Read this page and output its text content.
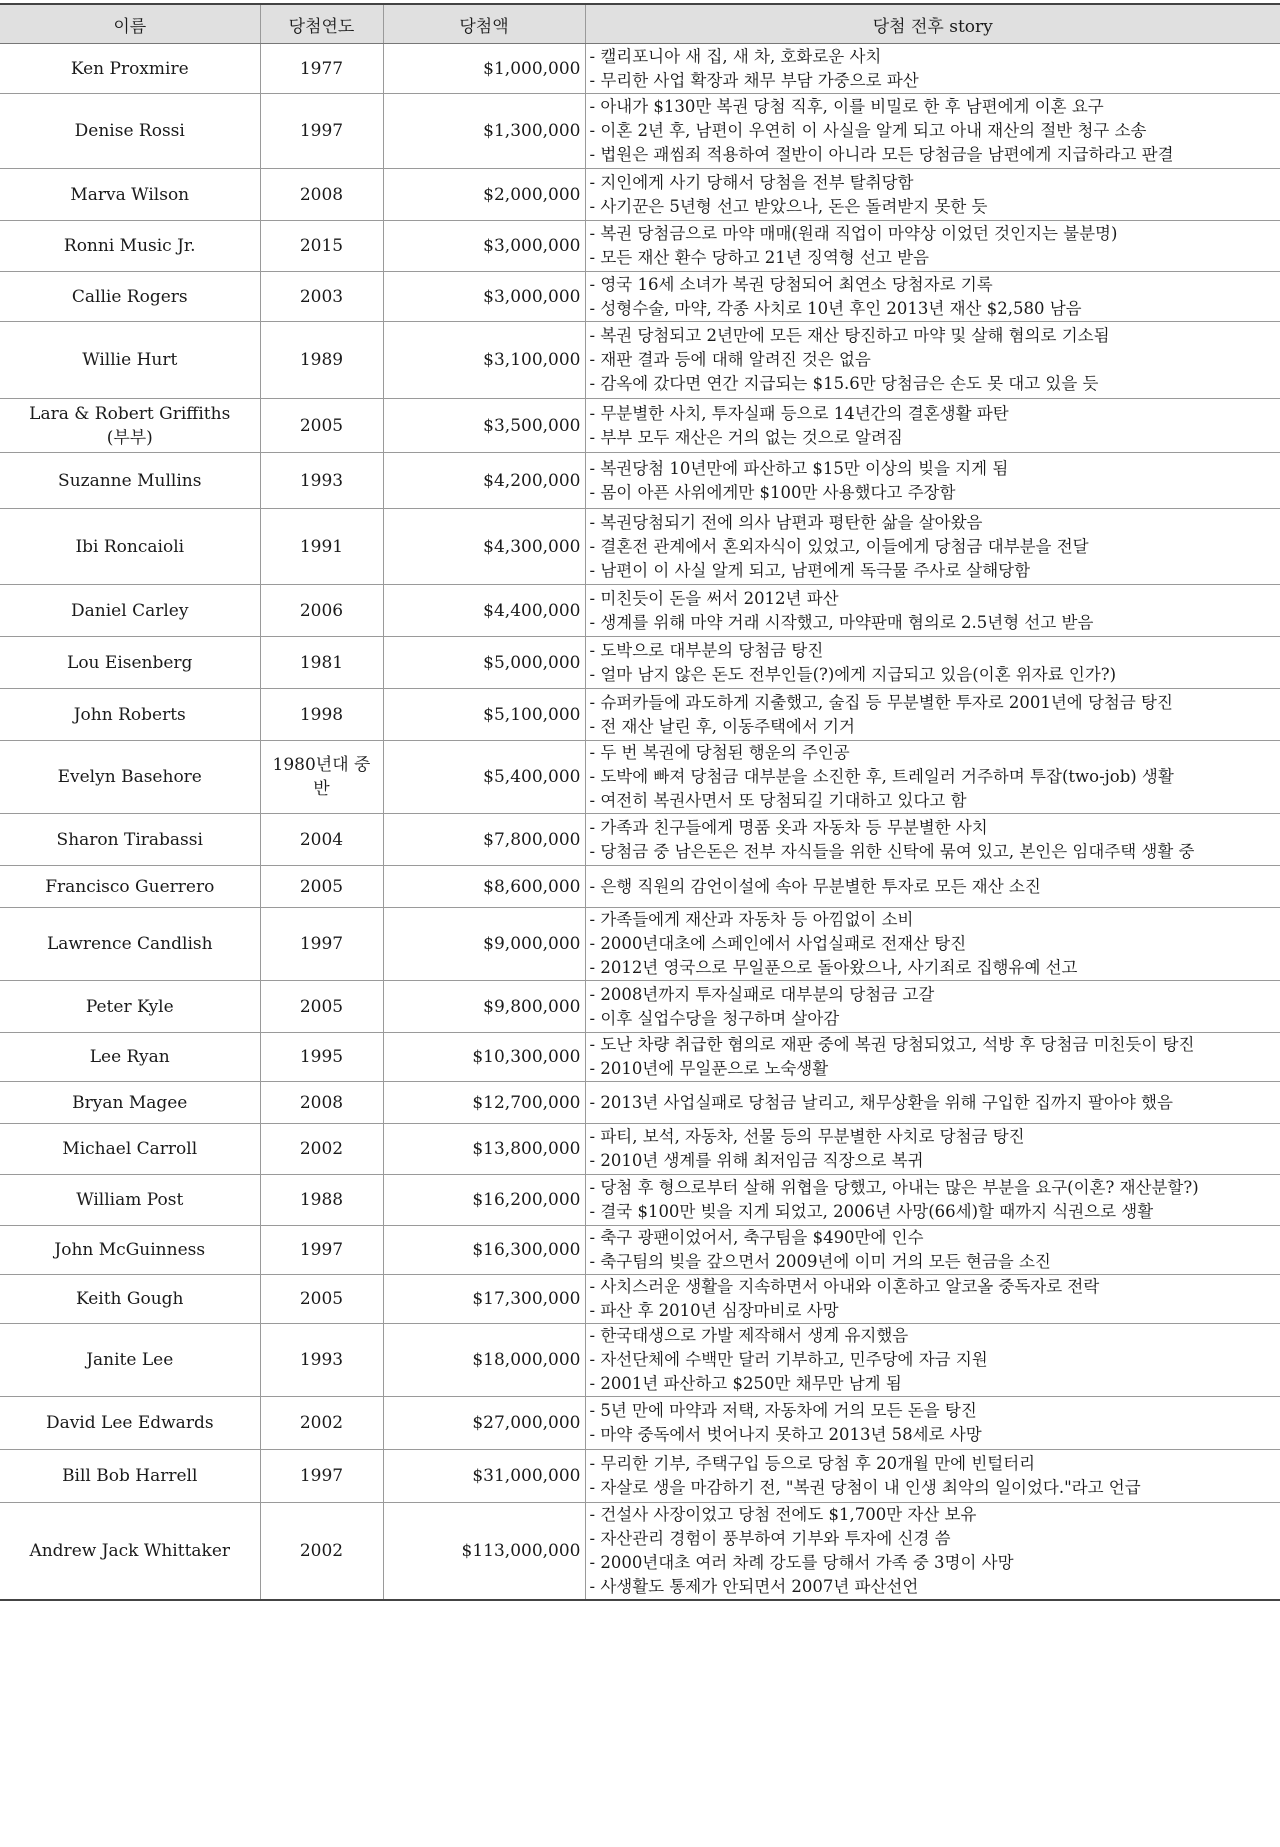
이름	당첨연도	당첨액	당첨 전후 story

Ken Proxmire	1977	$1,000,000	- 캘리포니아 새 집, 새 차, 호화로운 사치
- 무리한 사업 확장과 채무 부담 가중으로 파산

Denise Rossi	1997	$1,300,000	- 아내가 $130만 복권 당첨 직후, 이를 비밀로 한 후 남편에게 이혼 요구
- 이혼 2년 후, 남편이 우연히 이 사실을 알게 되고 아내 재산의 절반 청구 소송
- 법원은 괘씸죄 적용하여 절반이 아니라 모든 당첨금을 남편에게 지급하라고 판결

Marva Wilson	2008	$2,000,000	- 지인에게 사기 당해서 당첨을 전부 탈취당함
- 사기꾼은 5년형 선고 받았으나, 돈은 돌려받지 못한 듯

Ronni Music Jr.	2015	$3,000,000	- 복권 당첨금으로 마약 매매(원래 직업이 마약상 이었던 것인지는 불분명)
- 모든 재산 환수 당하고 21년 징역형 선고 받음

Callie Rogers	2003	$3,000,000	- 영국 16세 소녀가 복권 당첨되어 최연소 당첨자로 기록
- 성형수술, 마약, 각종 사치로 10년 후인 2013년 재산 $2,580 남음

Willie Hurt	1989	$3,100,000	- 복권 당첨되고 2년만에 모든 재산 탕진하고 마약 및 살해 혐의로 기소됨
- 재판 결과 등에 대해 알려진 것은 없음
- 감옥에 갔다면 연간 지급되는 $15.6만 당첨금은 손도 못 대고 있을 듯

Lara & Robert Griffiths
(부부)	2005	$3,500,000	- 무분별한 사치, 투자실패 등으로 14년간의 결혼생활 파탄
- 부부 모두 재산은 거의 없는 것으로 알려짐

Suzanne Mullins	1993	$4,200,000	- 복권당첨 10년만에 파산하고 $15만 이상의 빚을 지게 됨
- 몸이 아픈 사위에게만 $100만 사용했다고 주장함

Ibi Roncaioli	1991	$4,300,000	- 복권당첨되기 전에 의사 남편과 평탄한 삶을 살아왔음
- 결혼전 관계에서 혼외자식이 있었고, 이들에게 당첨금 대부분을 전달
- 남편이 이 사실 알게 되고, 남편에게 독극물 주사로 살해당함

Daniel Carley	2006	$4,400,000	- 미친듯이 돈을 써서 2012년 파산
- 생계를 위해 마약 거래 시작했고, 마약판매 혐의로 2.5년형 선고 받음

Lou Eisenberg	1981	$5,000,000	- 도박으로 대부분의 당첨금 탕진
- 얼마 남지 않은 돈도 전부인들(?)에게 지급되고 있음(이혼 위자료 인가?)

John Roberts	1998	$5,100,000	- 슈퍼카들에 과도하게 지출했고, 술집 등 무분별한 투자로 2001년에 당첨금 탕진
- 전 재산 날린 후, 이동주택에서 기거

Evelyn Basehore	1980년대 중반	$5,400,000	- 두 번 복권에 당첨된 행운의 주인공
- 도박에 빠져 당첨금 대부분을 소진한 후, 트레일러 거주하며 투잡(two-job) 생활
- 여전히 복권사면서 또 당첨되길 기대하고 있다고 함

Sharon Tirabassi	2004	$7,800,000	- 가족과 친구들에게 명품 옷과 자동차 등 무분별한 사치
- 당첨금 중 남은돈은 전부 자식들을 위한 신탁에 묶여 있고, 본인은 임대주택 생활 중

Francisco Guerrero	2005	$8,600,000	- 은행 직원의 감언이설에 속아 무분별한 투자로 모든 재산 소진

Lawrence Candlish	1997	$9,000,000	- 가족들에게 재산과 자동차 등 아낌없이 소비
- 2000년대초에 스페인에서 사업실패로 전재산 탕진
- 2012년 영국으로 무일푼으로 돌아왔으나, 사기죄로 집행유예 선고

Peter Kyle	2005	$9,800,000	- 2008년까지 투자실패로 대부분의 당첨금 고갈
- 이후 실업수당을 청구하며 살아감

Lee Ryan	1995	$10,300,000	- 도난 차량 취급한 혐의로 재판 중에 복권 당첨되었고, 석방 후 당첨금 미친듯이 탕진
- 2010년에 무일푼으로 노숙생활

Bryan Magee	2008	$12,700,000	- 2013년 사업실패로 당첨금 날리고, 채무상환을 위해 구입한 집까지 팔아야 했음

Michael Carroll	2002	$13,800,000	- 파티, 보석, 자동차, 선물 등의 무분별한 사치로 당첨금 탕진
- 2010년 생계를 위해 최저임금 직장으로 복귀

William Post	1988	$16,200,000	- 당첨 후 형으로부터 살해 위협을 당했고, 아내는 많은 부분을 요구(이혼? 재산분할?)
- 결국 $100만 빚을 지게 되었고, 2006년 사망(66세)할 때까지 식권으로 생활

John McGuinness	1997	$16,300,000	- 축구 광팬이었어서, 축구팀을 $490만에 인수
- 축구팀의 빚을 갚으면서 2009년에 이미 거의 모든 현금을 소진

Keith Gough	2005	$17,300,000	- 사치스러운 생활을 지속하면서 아내와 이혼하고 알코올 중독자로 전락
- 파산 후 2010년 심장마비로 사망

Janite Lee	1993	$18,000,000	- 한국태생으로 가발 제작해서 생계 유지했음
- 자선단체에 수백만 달러 기부하고, 민주당에 자금 지원
- 2001년 파산하고 $250만 채무만 남게 됨

David Lee Edwards	2002	$27,000,000	- 5년 만에 마약과 저택, 자동차에 거의 모든 돈을 탕진
- 마약 중독에서 벗어나지 못하고 2013년 58세로 사망

Bill Bob Harrell	1997	$31,000,000	- 무리한 기부, 주택구입 등으로 당첨 후 20개월 만에 빈털터리
- 자살로 생을 마감하기 전, "복권 당첨이 내 인생 최악의 일이었다."라고 언급

Andrew Jack Whittaker	2002	$113,000,000	- 건설사 사장이었고 당첨 전에도 $1,700만 자산 보유
- 자산관리 경험이 풍부하여 기부와 투자에 신경 씀
- 2000년대초 여러 차례 강도를 당해서 가족 중 3명이 사망
- 사생활도 통제가 안되면서 2007년 파산선언
